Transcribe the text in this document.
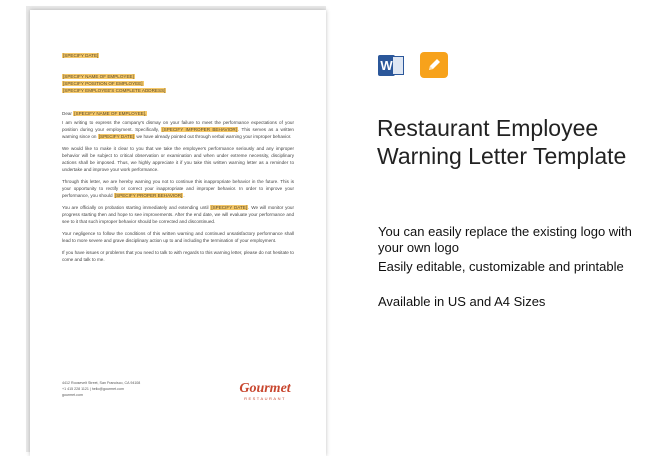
[SPECIFY DATE]
[SPECIFY NAME OF EMPLOYEE]
[SPECIFY POSITION OF EMPLOYEE]
[SPECIFY EMPLOYEE'S COMPLETE ADDRESS]
Dear [SPECIFY NAME OF EMPLOYEE],
I am writing to express the company's dismay on your failure to meet the performance expectations of your position during your employment. Specifically, [SPECIFY IMPROPER BEHAVIOR]. This serves as a written warning since on [SPECIFY DATE] we have already pointed out through verbal warning your improper behavior.
We would like to make it clear to you that we take the employee's performance seriously and any improper behavior will be subject to critical observation or examination and when under extreme necessity, disciplinary actions shall be imposed. Thus, we highly appreciate it if you take this written warning letter as a reminder to undertake and improve your work performance.
Through this letter, we are hereby warning you not to continue this inappropriate behavior in the future. This is your opportunity to rectify or correct your inappropriate and improper behavior. In order to improve your performance, you should [SPECIFY PROPER BEHAVIOR].
You are officially on probation starting immediately and extending until [SPECIFY DATE]. We will monitor your progress starting then and hope to see improvements. After the end date, we will evaluate your performance and see to it that such improper behavior should be corrected and discontinued.
Your negligence to follow the conditions of this written warning and continued unsatisfactory performance shall lead to more severe and grave disciplinary action up to and including the termination of your employment.
If you have issues or problems that you need to talk to with regards to this warning letter, please do not hesitate to come and talk to me.
4412 Roosevelt Street, San Francisco, CA 94108
+1 415 228 1121 | hello@gourmet.com
gourmet.com	Gourmet
RESTAURANT
W
Restaurant Employee Warning Letter Template
You can easily replace the existing logo with your own logo
Easily editable, customizable and printable
Available in US and A4 Sizes
